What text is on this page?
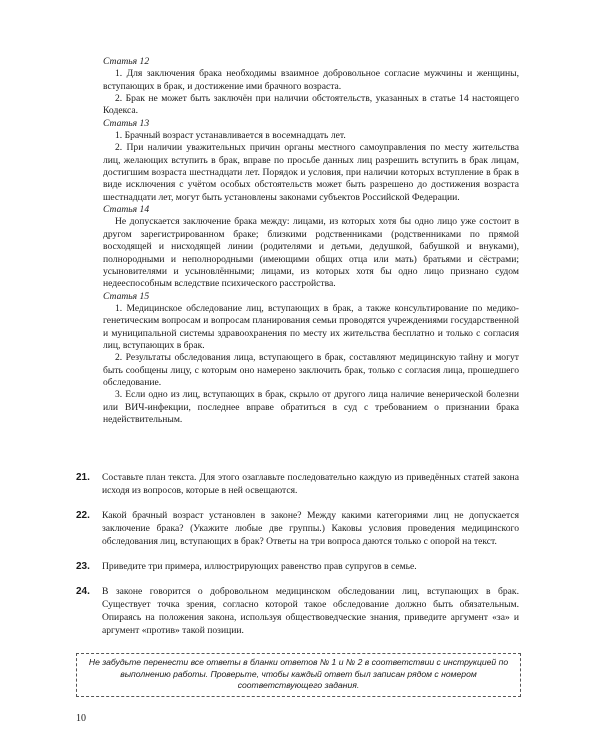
Статья 12

1. Для заключения брака необходимы взаимное добровольное согласие мужчины и женщины, вступающих в брак, и достижение ими брачного возраста.

2. Брак не может быть заключён при наличии обстоятельств, указанных в статье 14 настоящего Кодекса.

Статья 13

1. Брачный возраст устанавливается в восемнадцать лет.

2. При наличии уважительных причин органы местного самоуправления по месту жительства лиц, желающих вступить в брак, вправе по просьбе данных лиц разрешить вступить в брак лицам, достигшим возраста шестнадцати лет. Порядок и условия, при наличии которых вступление в брак в виде исключения с учётом особых обстоятельств может быть разрешено до достижения возраста шестнадцати лет, могут быть установлены законами субъектов Российской Федерации.

Статья 14

Не допускается заключение брака между: лицами, из которых хотя бы одно лицо уже состоит в другом зарегистрированном браке; близкими родственниками (родственниками по прямой восходящей и нисходящей линии (родителями и детьми, дедушкой, бабушкой и внуками), полнородными и неполнородными (имеющими общих отца или мать) братьями и сёстрами; усыновителями и усыновлёнными; лицами, из которых хотя бы одно лицо признано судом недееспособным вследствие психического расстройства.

Статья 15

1. Медицинское обследование лиц, вступающих в брак, а также консультирование по медико-генетическим вопросам и вопросам планирования семьи проводятся учреждениями государственной и муниципальной системы здравоохранения по месту их жительства бесплатно и только с согласия лиц, вступающих в брак.

2. Результаты обследования лица, вступающего в брак, составляют медицинскую тайну и могут быть сообщены лицу, с которым оно намерено заключить брак, только с согласия лица, прошедшего обследование.

3. Если одно из лиц, вступающих в брак, скрыло от другого лица наличие венерической болезни или ВИЧ-инфекции, последнее вправе обратиться в суд с требованием о признании брака недействительным.

21. Составьте план текста. Для этого озаглавьте последовательно каждую из приведённых статей закона исходя из вопросов, которые в ней освещаются.
22. Какой брачный возраст установлен в законе? Между какими категориями лиц не допускается заключение брака? (Укажите любые две группы.) Каковы условия проведения медицинского обследования лиц, вступающих в брак? Ответы на три вопроса даются только с опорой на текст.
23. Приведите три примера, иллюстрирующих равенство прав супругов в семье.
24. В законе говорится о добровольном медицинском обследовании лиц, вступающих в брак. Существует точка зрения, согласно которой такое обследование должно быть обязательным. Опираясь на положения закона, используя обществоведческие знания, приведите аргумент «за» и аргумент «против» такой позиции.
Не забудьте перенести все ответы в бланки ответов № 1 и № 2 в соответствии с инструкцией по выполнению работы. Проверьте, чтобы каждый ответ был записан рядом с номером соответствующего задания.
10
